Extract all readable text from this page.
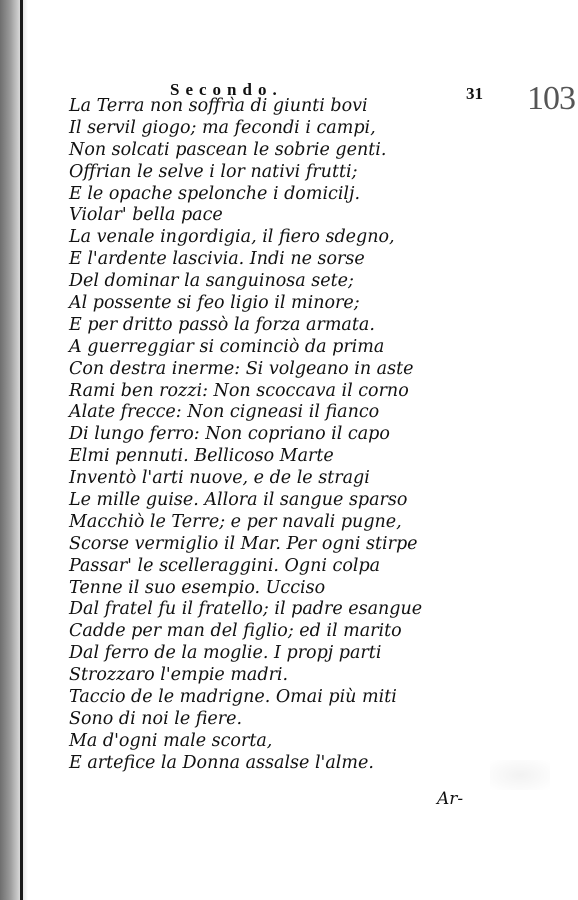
Secondo.	31 103
La Terra non soffrìa di giunti bovi
Il servil giogo; ma fecondi i campi,
Non solcati pascean le sobrie genti.
Offrian le selve i lor nativi frutti;
E le opache spelonche i domicilj.
Violar' bella pace
La venale ingordigia, il fiero sdegno,
E l'ardente lascivia. Indi ne sorse
Del dominar la sanguinosa sete;
Al possente si feo ligio il minore;
E per dritto passò la forza armata.
A guerreggiar si cominciò da prima
Con destra inerme: Si volgeano in aste
Rami ben rozzi: Non scoccava il corno
Alate frecce: Non cigneasi il fianco
Di lungo ferro: Non copriano il capo
Elmi pennuti. Bellicoso Marte
Inventò l'arti nuove, e de le stragi
Le mille guise. Allora il sangue sparso
Macchiò le Terre; e per navali pugne,
Scorse vermiglio il Mar. Per ogni stirpe
Passar' le scelleraggini. Ogni colpa
Tenne il suo esempio. Ucciso
Dal fratel fu il fratello; il padre esangue
Cadde per man del figlio; ed il marito
Dal ferro de la moglie. I propj parti
Strozzaro l'empie madri.
Taccio de le madrigne. Omai più miti
Sono di noi le fiere.
Ma d'ogni male scorta,
E artefice la Donna assalse l'alme.
Ar-
